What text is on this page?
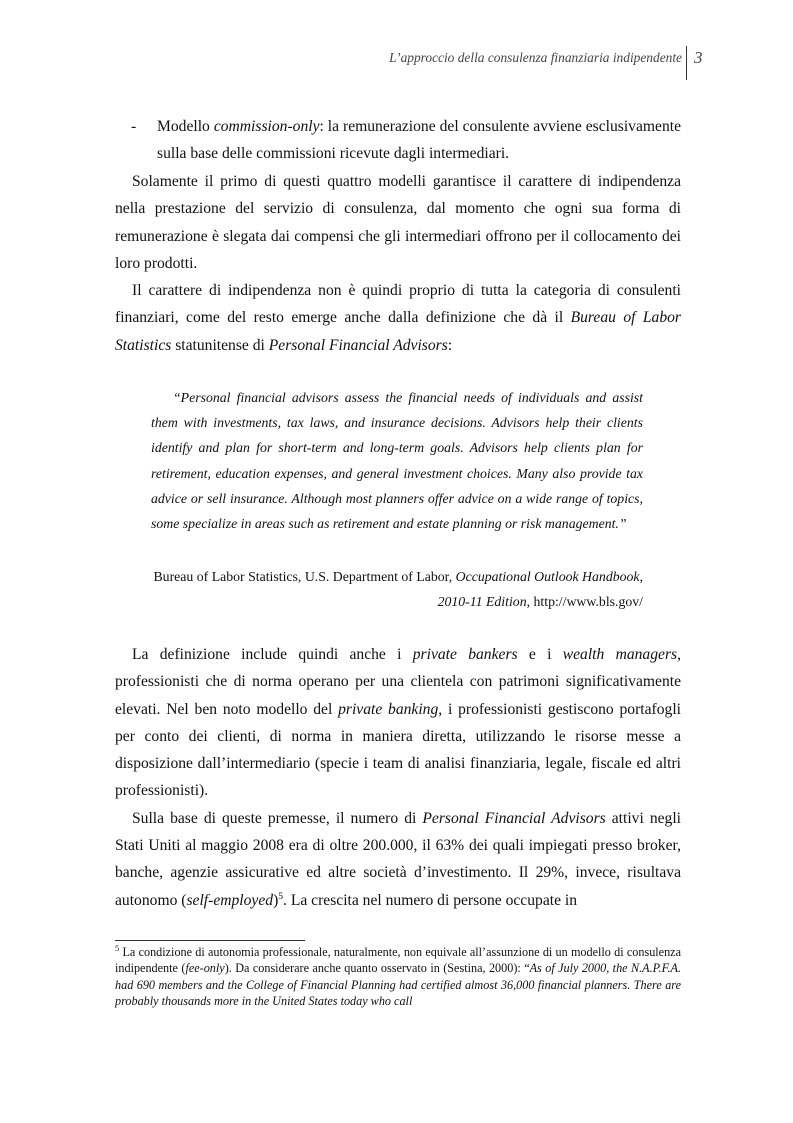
L’approccio della consulenza finanziaria indipendente 3
- Modello commission-only: la remunerazione del consulente avviene esclusivamente sulla base delle commissioni ricevute dagli intermediari.

Solamente il primo di questi quattro modelli garantisce il carattere di indipendenza nella prestazione del servizio di consulenza, dal momento che ogni sua forma di remunerazione è slegata dai compensi che gli intermediari offrono per il collocamento dei loro prodotti.

Il carattere di indipendenza non è quindi proprio di tutta la categoria di consulenti finanziari, come del resto emerge anche dalla definizione che dà il Bureau of Labor Statistics statunitense di Personal Financial Advisors:

“Personal financial advisors assess the financial needs of individuals and assist them with investments, tax laws, and insurance decisions. Advisors help their clients identify and plan for short-term and long-term goals. Advisors help clients plan for retirement, education expenses, and general investment choices. Many also provide tax advice or sell insurance. Although most planners offer advice on a wide range of topics, some specialize in areas such as retirement and estate planning or risk management.”

Bureau of Labor Statistics, U.S. Department of Labor, Occupational Outlook Handbook, 2010-11 Edition, http://www.bls.gov/

La definizione include quindi anche i private bankers e i wealth managers, professionisti che di norma operano per una clientela con patrimoni significativamente elevati. Nel ben noto modello del private banking, i professionisti gestiscono portafogli per conto dei clienti, di norma in maniera diretta, utilizzando le risorse messe a disposizione dall’intermediario (specie i team di analisi finanziaria, legale, fiscale ed altri professionisti).

Sulla base di queste premesse, il numero di Personal Financial Advisors attivi negli Stati Uniti al maggio 2008 era di oltre 200.000, il 63% dei quali impiegati presso broker, banche, agenzie assicurative ed altre società d’investimento. Il 29%, invece, risultava autonomo (self-employed)$^5$. La crescita nel numero di persone occupate in

$^5$ La condizione di autonomia professionale, naturalmente, non equivale all’assunzione di un modello di consulenza indipendente (fee-only). Da considerare anche quanto osservato in (Sestina, 2000): “As of July 2000, the N.A.P.F.A. had 690 members and the College of Financial Planning had certified almost 36,000 financial planners. There are probably thousands more in the United States today who call
